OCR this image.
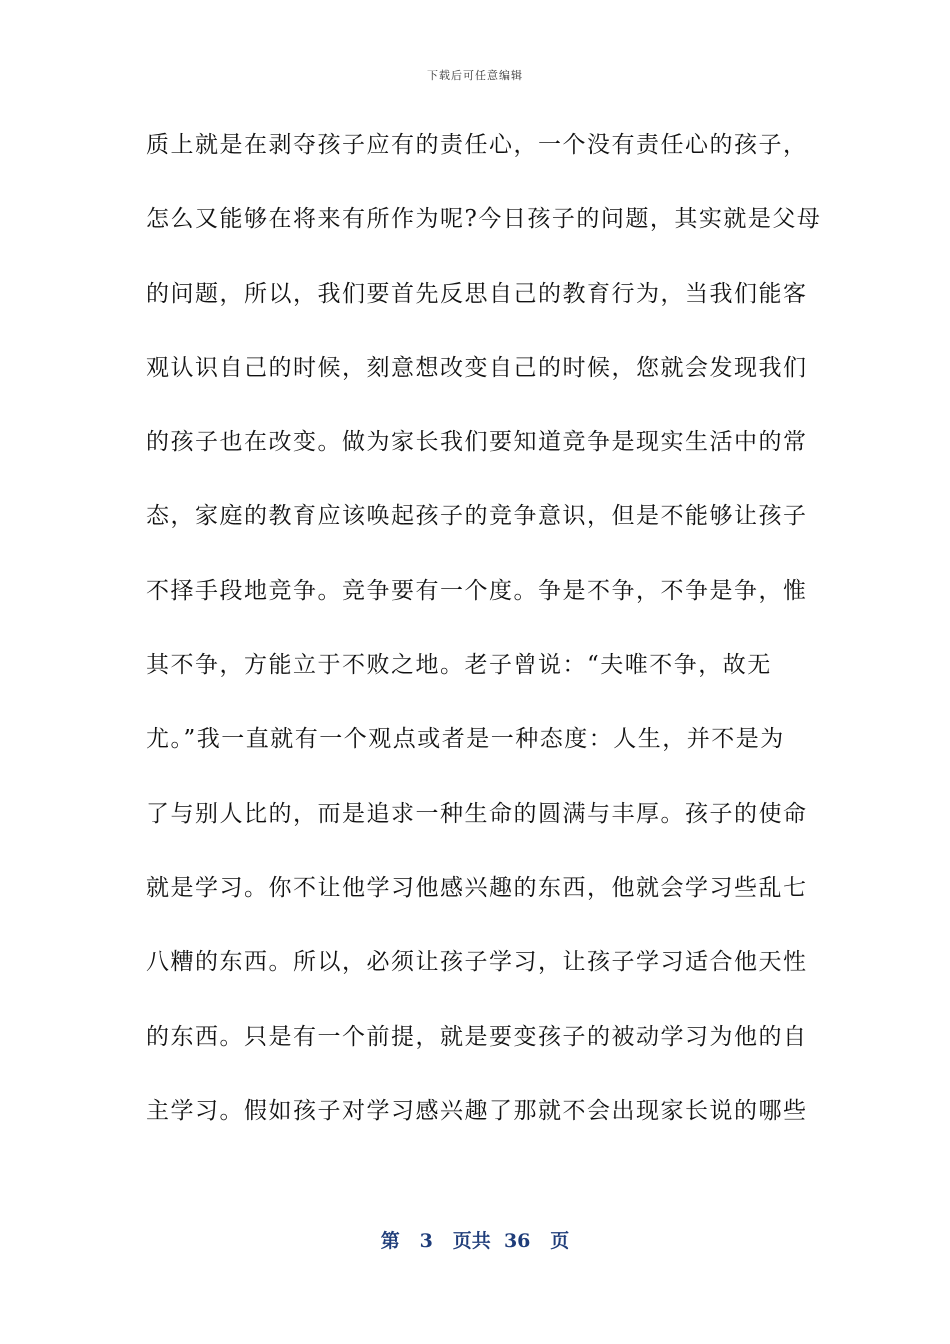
下载后可任意编辑
质上就是在剥夺孩子应有的责任心，一个没有责任心的孩子，
怎么又能够在将来有所作为呢?今日孩子的问题，其实就是父母
的问题，所以，我们要首先反思自己的教育行为，当我们能客
观认识自己的时候，刻意想改变自己的时候，您就会发现我们
的孩子也在改变。做为家长我们要知道竞争是现实生活中的常
态，家庭的教育应该唤起孩子的竞争意识，但是不能够让孩子
不择手段地竞争。竞争要有一个度。争是不争，不争是争，惟
其不争，方能立于不败之地。老子曾说：“夫唯不争，故无
尤。”我一直就有一个观点或者是一种态度：人生，并不是为
了与别人比的，而是追求一种生命的圆满与丰厚。孩子的使命
就是学习。你不让他学习他感兴趣的东西，他就会学习些乱七
八糟的东西。所以，必须让孩子学习，让孩子学习适合他天性
的东西。只是有一个前提，就是要变孩子的被动学习为他的自
主学习。假如孩子对学习感兴趣了那就不会出现家长说的哪些
第 3 页共 36 页
